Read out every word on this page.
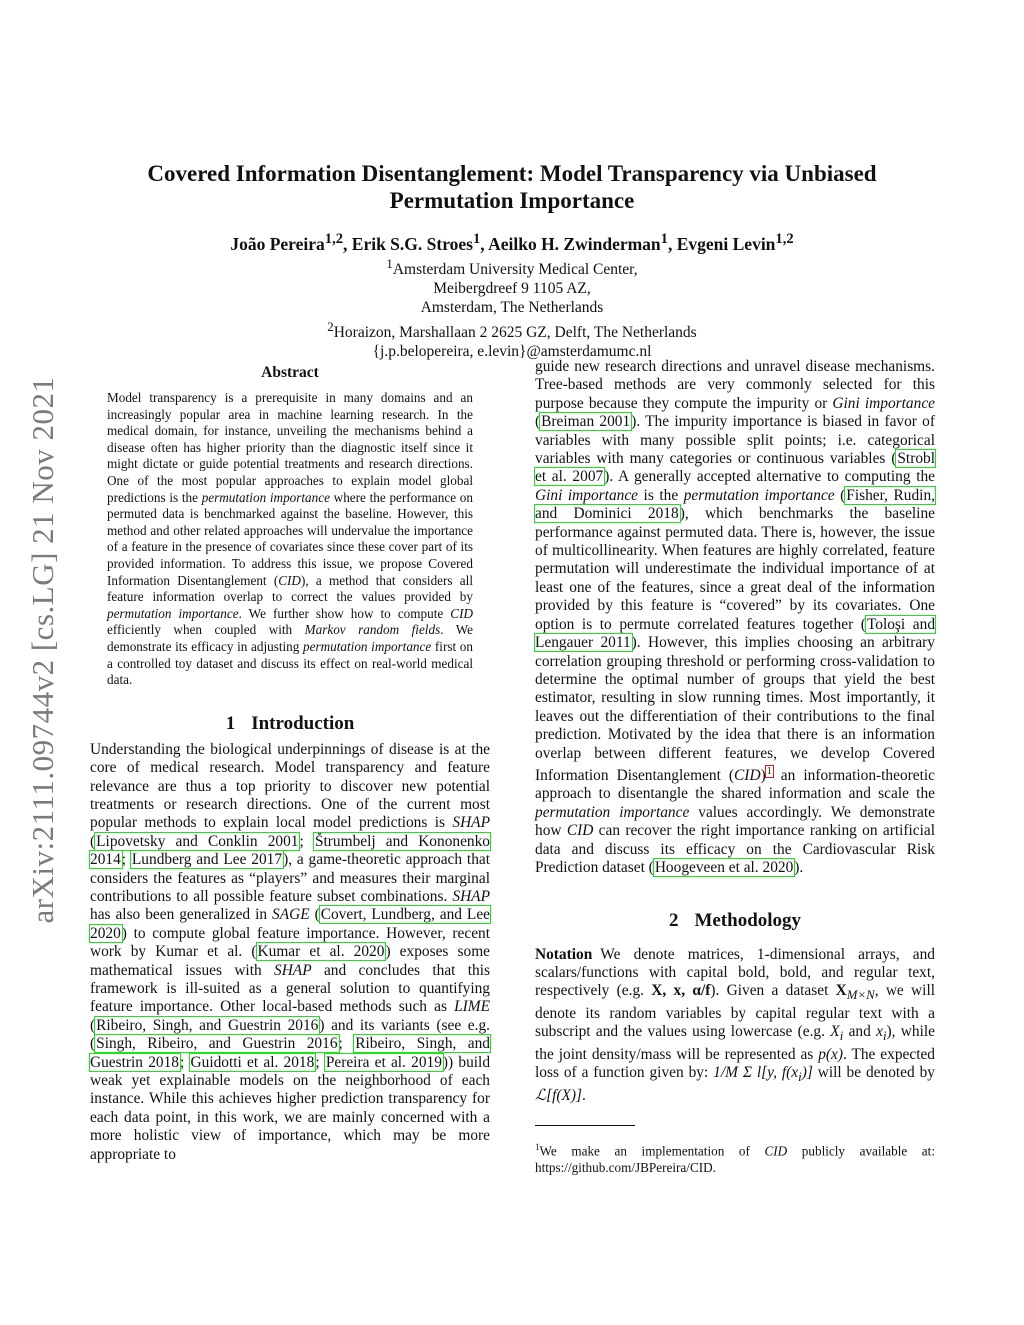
arXiv:2111.09744v2 [cs.LG] 21 Nov 2021
Covered Information Disentanglement: Model Transparency via Unbiased Permutation Importance
João Pereira$^{1,2}$, Erik S.G. Stroes$^1$, Aeilko H. Zwinderman$^1$, Evgeni Levin$^{1,2}$
$^1$Amsterdam University Medical Center,
Meibergdreef 9 1105 AZ,
Amsterdam, The Netherlands
$^2$Horaizon, Marshallaan 2 2625 GZ, Delft, The Netherlands
{j.p.belopereira, e.levin}@amsterdamumc.nl
Abstract

Model transparency is a prerequisite in many domains and an increasingly popular area in machine learning research. In the medical domain, for instance, unveiling the mechanisms behind a disease often has higher priority than the diagnostic itself since it might dictate or guide potential treatments and research directions. One of the most popular approaches to explain model global predictions is the permutation importance where the performance on permuted data is benchmarked against the baseline. However, this method and other related approaches will undervalue the importance of a feature in the presence of covariates since these cover part of its provided information. To address this issue, we propose Covered Information Disentanglement (CID), a method that considers all feature information overlap to correct the values provided by permutation importance. We further show how to compute CID efficiently when coupled with Markov random fields. We demonstrate its efficacy in adjusting permutation importance first on a controlled toy dataset and discuss its effect on real-world medical data.

1 Introduction

Understanding the biological underpinnings of disease is at the core of medical research. Model transparency and feature relevance are thus a top priority to discover new potential treatments or research directions. One of the current most popular methods to explain local model predictions is SHAP (Lipovetsky and Conklin 2001; Štrumbelj and Kononenko 2014; Lundberg and Lee 2017), a game-theoretic approach that considers the features as “players” and measures their marginal contributions to all possible feature subset combinations. SHAP has also been generalized in SAGE (Covert, Lundberg, and Lee 2020) to compute global feature importance. However, recent work by Kumar et al. (Kumar et al. 2020) exposes some mathematical issues with SHAP and concludes that this framework is ill-suited as a general solution to quantifying feature importance. Other local-based methods such as LIME (Ribeiro, Singh, and Guestrin 2016) and its variants (see e.g. (Singh, Ribeiro, and Guestrin 2016; Ribeiro, Singh, and Guestrin 2018; Guidotti et al. 2018; Pereira et al. 2019)) build weak yet explainable models on the neighborhood of each instance. While this achieves higher prediction transparency for each data point, in this work, we are mainly concerned with a more holistic view of importance, which may be more appropriate to

guide new research directions and unravel disease mechanisms. Tree-based methods are very commonly selected for this purpose because they compute the impurity or Gini importance (Breiman 2001). The impurity importance is biased in favor of variables with many possible split points; i.e. categorical variables with many categories or continuous variables (Strobl et al. 2007). A generally accepted alternative to computing the Gini importance is the permutation importance (Fisher, Rudin, and Dominici 2018), which benchmarks the baseline performance against permuted data. There is, however, the issue of multicollinearity. When features are highly correlated, feature permutation will underestimate the individual importance of at least one of the features, since a great deal of the information provided by this feature is “covered” by its covariates. One option is to permute correlated features together (Toloşi and Lengauer 2011). However, this implies choosing an arbitrary correlation grouping threshold or performing cross-validation to determine the optimal number of groups that yield the best estimator, resulting in slow running times. Most importantly, it leaves out the differentiation of their contributions to the final prediction. Motivated by the idea that there is an information overlap between different features, we develop Covered Information Disentanglement (CID)$^1$ an information-theoretic approach to disentangle the shared information and scale the permutation importance values accordingly. We demonstrate how CID can recover the right importance ranking on artificial data and discuss its efficacy on the Cardiovascular Risk Prediction dataset (Hoogeveen et al. 2020).

2 Methodology

Notation We denote matrices, 1-dimensional arrays, and scalars/functions with capital bold, bold, and regular text, respectively (e.g. X, x, α/f). Given a dataset $X_{M\times N}$, we will denote its random variables by capital regular text with a subscript and the values using lowercase (e.g. $X_i$ and $x_i$), while the joint density/mass will be represented as p(x). The expected loss of a function given by: 1/M Σ l[y, $f(x_i)$] will be denoted by ℒ[f(X)].

$^1$We make an implementation of CID publicly available at: https://github.com/JBPereira/CID.
